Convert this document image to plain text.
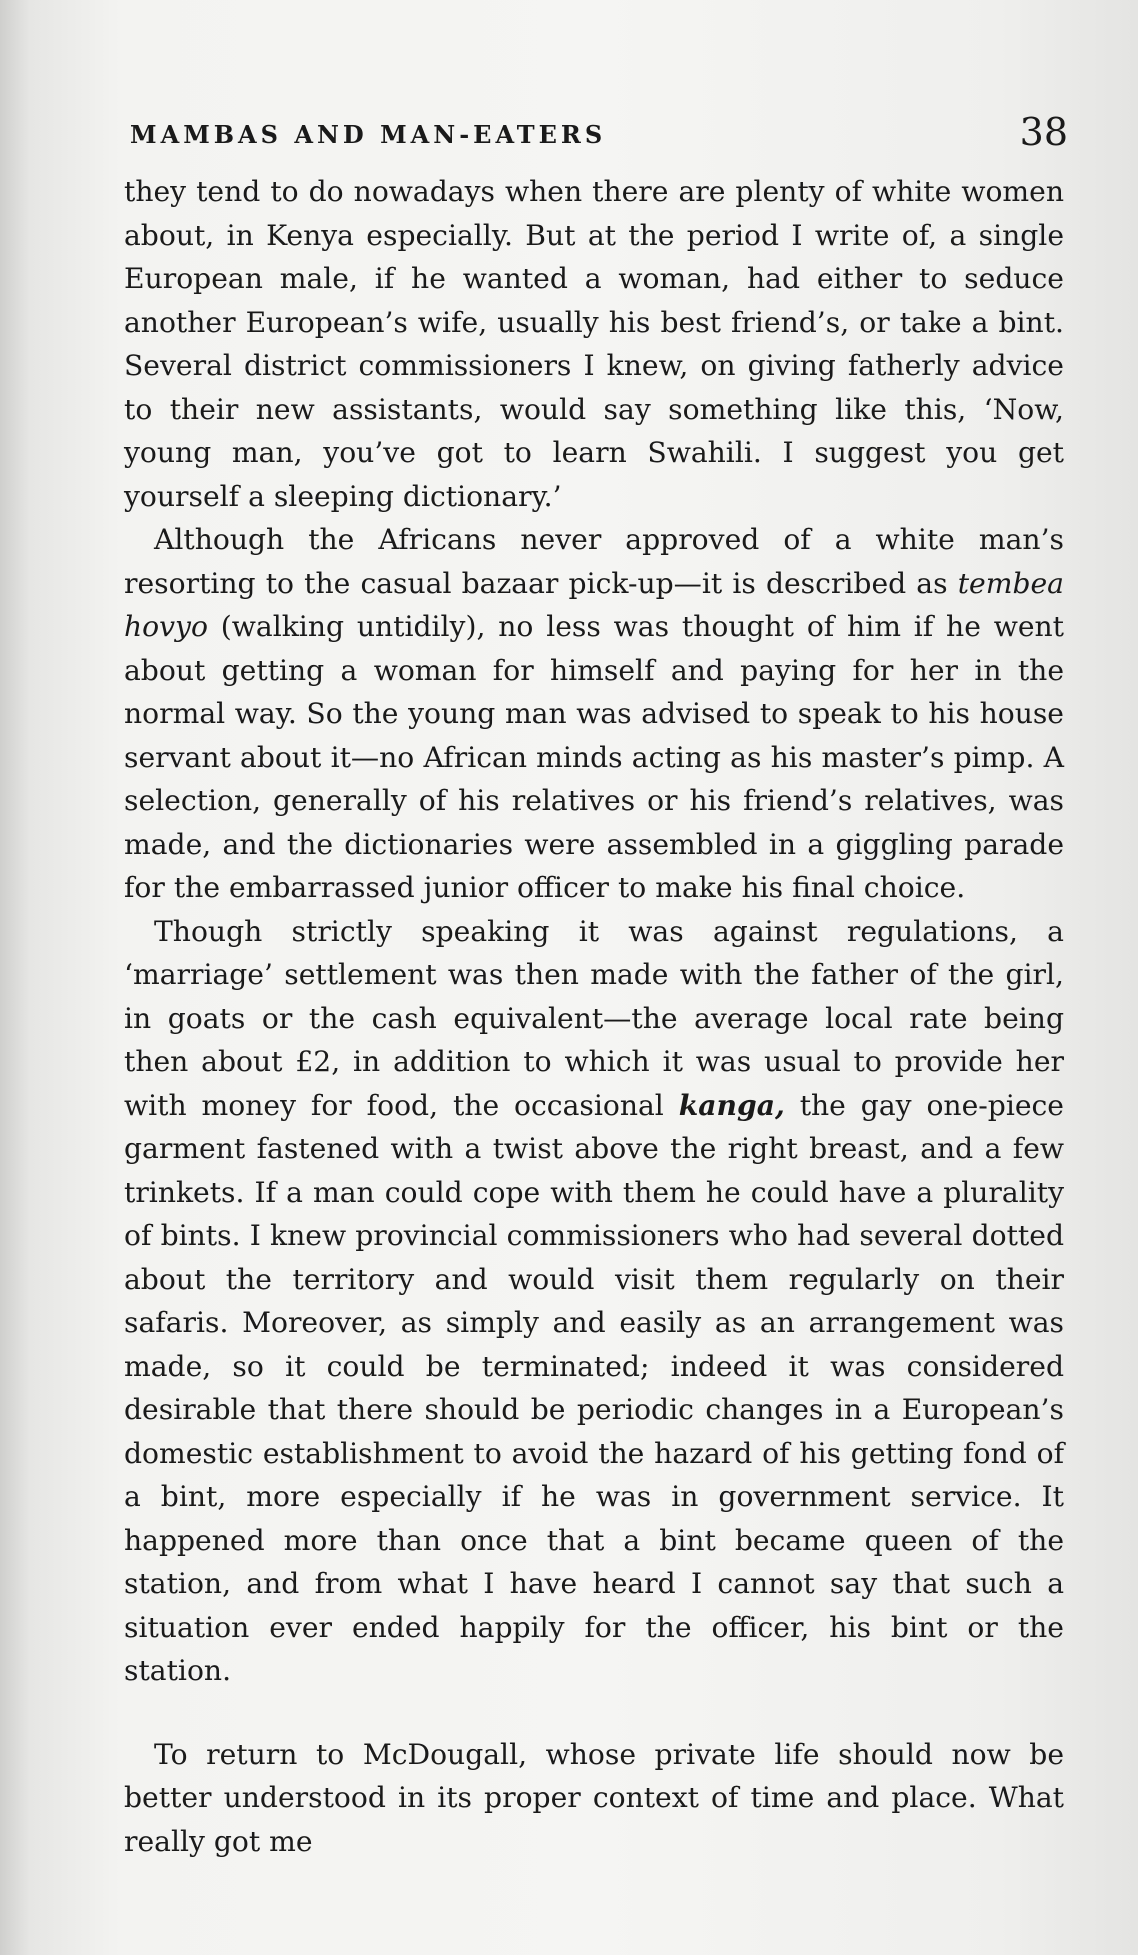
MAMBAS AND MAN-EATERS	38

they tend to do nowadays when there are plenty of white women about, in Kenya especially. But at the period I write of, a single European male, if he wanted a woman, had either to seduce another European’s wife, usually his best friend’s, or take a bint. Several district commissioners I knew, on giving fatherly advice to their new assistants, would say something like this, ‘Now, young man, you’ve got to learn Swahili. I suggest you get yourself a sleeping dictionary.’

Although the Africans never approved of a white man’s resorting to the casual bazaar pick-up—it is described as tembea hovyo (walking untidily), no less was thought of him if he went about getting a woman for himself and paying for her in the normal way. So the young man was advised to speak to his house servant about it—no African minds acting as his master’s pimp. A selection, generally of his relatives or his friend’s relatives, was made, and the dictionaries were assembled in a giggling parade for the embarrassed junior officer to make his final choice.

Though strictly speaking it was against regulations, a ‘marriage’ settlement was then made with the father of the girl, in goats or the cash equivalent—the average local rate being then about £2, in addition to which it was usual to provide her with money for food, the occasional kanga, the gay one-piece garment fastened with a twist above the right breast, and a few trinkets. If a man could cope with them he could have a plurality of bints. I knew provincial commissioners who had several dotted about the territory and would visit them regularly on their safaris. Moreover, as simply and easily as an arrangement was made, so it could be terminated; indeed it was considered desirable that there should be periodic changes in a European’s domestic establishment to avoid the hazard of his getting fond of a bint, more especially if he was in government service. It happened more than once that a bint became queen of the station, and from what I have heard I cannot say that such a situation ever ended happily for the officer, his bint or the station.

To return to McDougall, whose private life should now be better understood in its proper context of time and place. What really got me
